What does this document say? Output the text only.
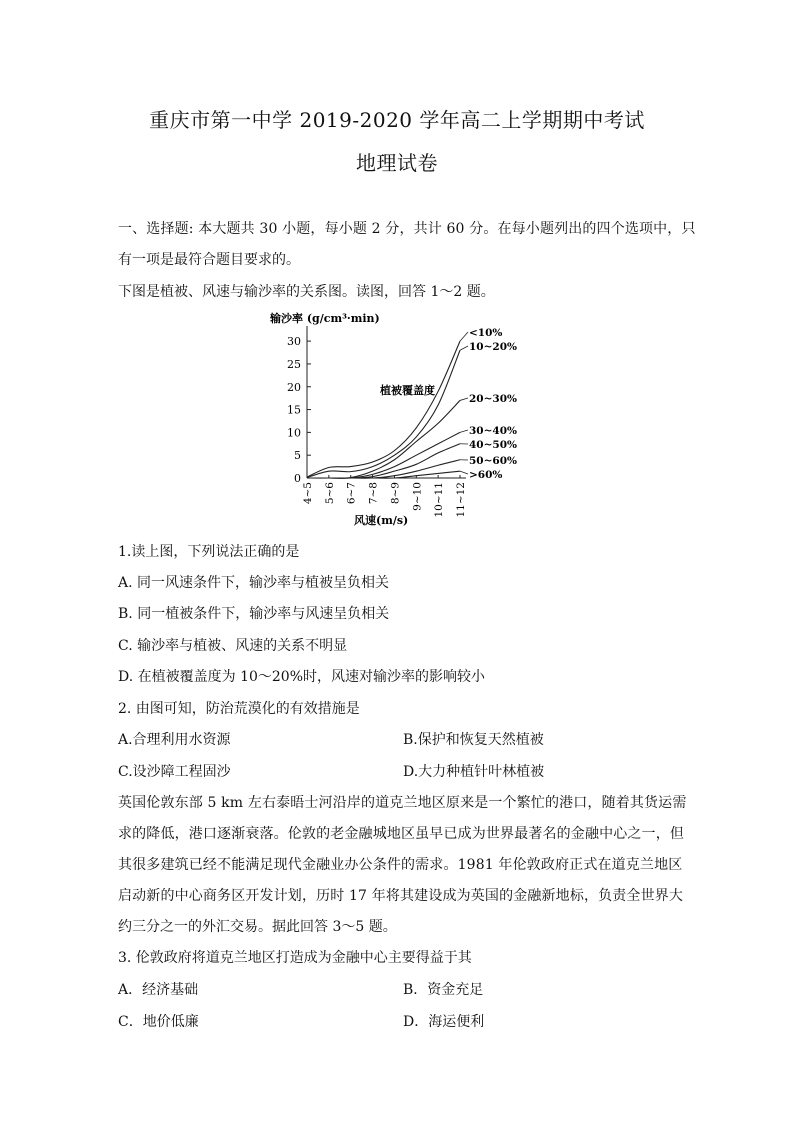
重庆市第一中学 2019-2020 学年高二上学期期中考试
地理试卷
一、选择题: 本大题共 30 小题，每小题 2 分，共计 60 分。在每小题列出的四个选项中，只
有一项是最符合题目要求的。
下图是植被、风速与输沙率的关系图。读图，回答 1～2 题。
输沙率 (g/cm³·min)
植被覆盖度
风速(m/s)
0
5
10
15
20
25
30
4~5 5~6 6~7 7~8 8~9 9~10 10~11 11~12
<10%
10~20%
20~30%
30~40%
40~50%
50~60%
>60%
1.读上图，下列说法正确的是
A. 同一风速条件下，输沙率与植被呈负相关
B. 同一植被条件下，输沙率与风速呈负相关
C. 输沙率与植被、风速的关系不明显
D. 在植被覆盖度为 10～20%时，风速对输沙率的影响较小
2. 由图可知，防治荒漠化的有效措施是
A.合理利用水资源	B.保护和恢复天然植被
C.设沙障工程固沙	D.大力种植针叶林植被
英国伦敦东部 5 km 左右泰晤士河沿岸的道克兰地区原来是一个繁忙的港口，随着其货运需
求的降低，港口逐渐衰落。伦敦的老金融城地区虽早已成为世界最著名的金融中心之一，但
其很多建筑已经不能满足现代金融业办公条件的需求。1981 年伦敦政府正式在道克兰地区
启动新的中心商务区开发计划，历时 17 年将其建设成为英国的金融新地标，负责全世界大
约三分之一的外汇交易。据此回答 3～5 题。
3. 伦敦政府将道克兰地区打造成为金融中心主要得益于其
A．经济基础	B．资金充足
C．地价低廉	D．海运便利
